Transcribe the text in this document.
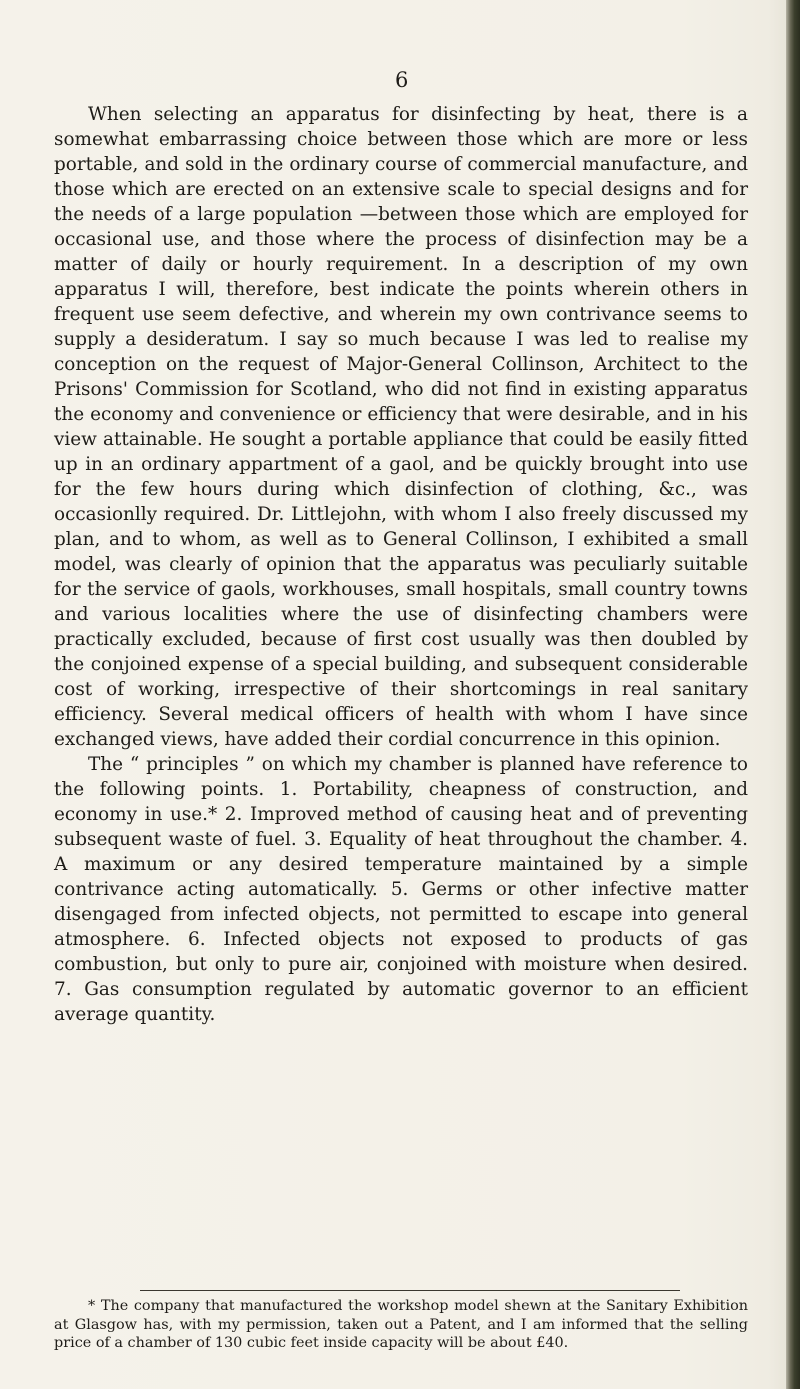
6

When selecting an apparatus for disinfecting by heat, there is a somewhat embarrassing choice between those which are more or less portable, and sold in the ordinary course of commercial manufacture, and those which are erected on an extensive scale to special designs and for the needs of a large population —between those which are employed for occasional use, and those where the process of disinfection may be a matter of daily or hourly requirement. In a description of my own apparatus I will, therefore, best indicate the points wherein others in frequent use seem defective, and wherein my own contrivance seems to supply a desideratum. I say so much because I was led to realise my conception on the request of Major-General Collinson, Architect to the Prisons' Commission for Scotland, who did not find in existing apparatus the economy and convenience or efficiency that were desirable, and in his view attainable. He sought a portable appliance that could be easily fitted up in an ordinary appartment of a gaol, and be quickly brought into use for the few hours during which disinfection of clothing, &c., was occasionlly required. Dr. Littlejohn, with whom I also freely discussed my plan, and to whom, as well as to General Collinson, I exhibited a small model, was clearly of opinion that the apparatus was peculiarly suitable for the service of gaols, workhouses, small hospitals, small country towns and various localities where the use of disinfecting chambers were practically excluded, because of first cost usually was then doubled by the conjoined expense of a special building, and subsequent considerable cost of working, irrespective of their shortcomings in real sanitary efficiency. Several medical officers of health with whom I have since exchanged views, have added their cordial concurrence in this opinion.

The “ principles ” on which my chamber is planned have reference to the following points. 1. Portability, cheapness of construction, and economy in use.* 2. Improved method of causing heat and of preventing subsequent waste of fuel. 3. Equality of heat throughout the chamber. 4. A maximum or any desired temperature maintained by a simple contrivance acting automatically. 5. Germs or other infective matter disengaged from infected objects, not permitted to escape into general atmosphere. 6. Infected objects not exposed to products of gas combustion, but only to pure air, conjoined with moisture when desired. 7. Gas consumption regulated by automatic governor to an efficient average quantity.

* The company that manufactured the workshop model shewn at the Sanitary Exhibition at Glasgow has, with my permission, taken out a Patent, and I am informed that the selling price of a chamber of 130 cubic feet inside capacity will be about £40.
